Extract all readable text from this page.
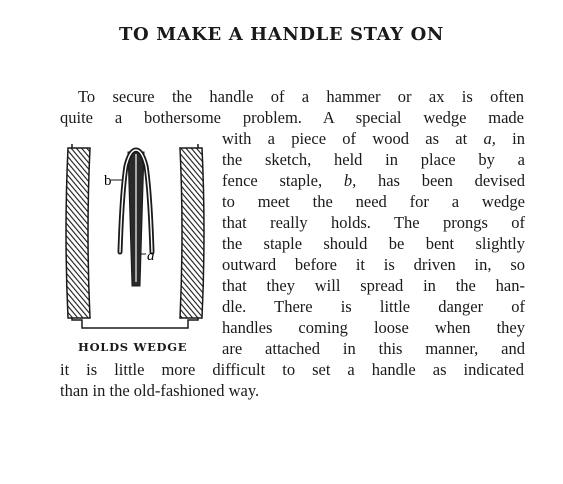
TO MAKE A HANDLE STAY ON
To secure the handle of a hammer or ax is often
quite a bothersome problem. A special wedge made
with a piece of wood as at a, in
the sketch, held in place by a
fence staple, b, has been devised
to meet the need for a wedge
that really holds. The prongs of
the staple should be bent slightly
outward before it is driven in, so
that they will spread in the han-
dle. There is little danger of
handles coming loose when they
are attached in this manner, and
it is little more difficult to set a handle as indicated
than in the old-fashioned way.
b
a
HOLDS WEDGE
